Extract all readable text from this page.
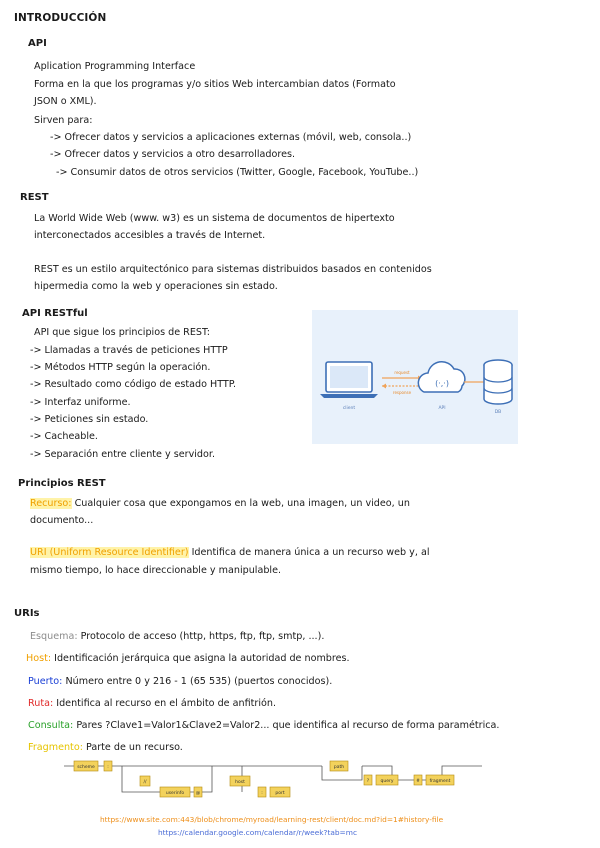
INTRODUCCIÓN
API
Aplication Programming Interface
Forma en la que los programas y/o sitios Web intercambian datos (Formato
JSON o XML).
Sirven para:
-> Ofrecer datos y servicios a aplicaciones externas (móvil, web, consola..)
-> Ofrecer datos y servicios a otro desarrolladores.
-> Consumir datos de otros servicios (Twitter, Google, Facebook, YouTube..)
REST
La World Wide Web (www. w3) es un sistema de documentos de hipertexto
interconectados accesibles a través de Internet.
REST es un estilo arquitectónico para sistemas distribuidos basados en contenidos
hipermedia como la web y operaciones sin estado.
API RESTful
API que sigue los principios de REST:
-> Llamadas a través de peticiones HTTP
-> Métodos HTTP según la operación.
-> Resultado como código de estado HTTP.
-> Interfaz uniforme.
-> Peticiones sin estado.
-> Cacheable.
-> Separación entre cliente y servidor.
client
request
response
(·,·)
API
DB
Principios REST
Recurso: Cualquier cosa que expongamos en la web, una imagen, un video, un
documento...
URI (Uniform Resource Identifier) Identifica de manera única a un recurso web y, al
mismo tiempo, lo hace direccionable y manipulable.
URIs
Esquema: Protocolo de acceso (http, https, ftp, ftp, smtp, ...).
Host: Identificación jerárquica que asigna la autoridad de nombres.
Puerto: Número entre 0 y 216 - 1 (65 535) (puertos conocidos).
Ruta: Identifica al recurso en el ámbito de anfitrión.
Consulta: Pares ?Clave1=Valor1&Clave2=Valor2... que identifica al recurso de forma paramétrica.
Fragmento: Parte de un recurso.
scheme	:
//
userinfo	@
host
:	port
path
?	query	# fragment
https://www.site.com:443/blob/chrome/myroad/learning-rest/client/doc.md?id=1#history-file
https://calendar.google.com/calendar/r/week?tab=mc
